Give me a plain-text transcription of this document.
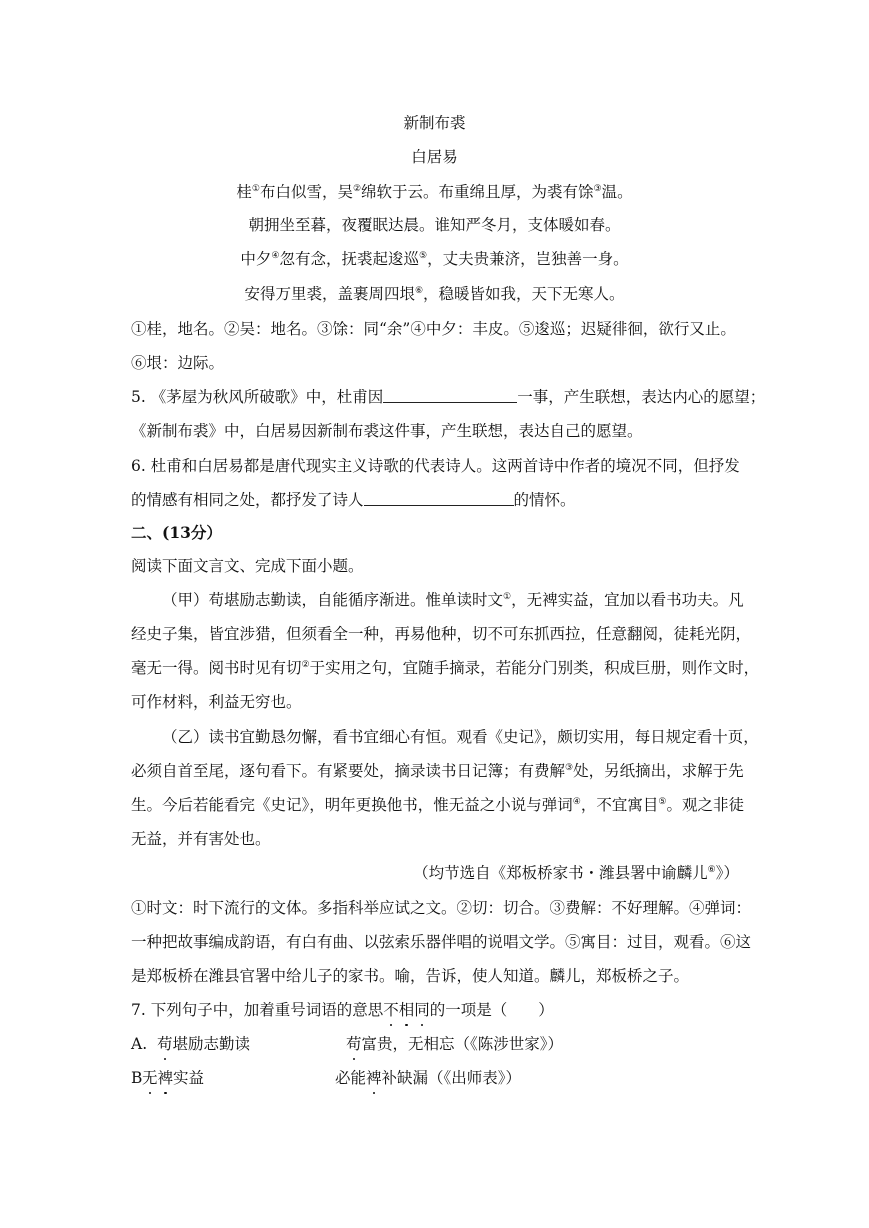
新制布裘
白居易
桂①布白似雪，吴②绵软于云。布重绵且厚，为裘有馀③温。
朝拥坐至暮，夜覆眠达晨。谁知严冬月，支体暖如春。
中夕④忽有念，抚裘起逡巡⑤，丈夫贵兼济，岂独善一身。
安得万里裘，盖裹周四垠⑥，稳暖皆如我，天下无寒人。
①桂，地名。②吴：地名。③馀：同“余”④中夕：丰皮。⑤逡巡；迟疑徘徊，欲行又止。
⑥垠：边际。
5. 《茅屋为秋风所破歌》中，杜甫因	一事，产生联想，表达内心的愿望；
《新制布裘》中，白居易因新制布裘这件事，产生联想，表达自己的愿望。
6. 杜甫和白居易都是唐代现实主义诗歌的代表诗人。这两首诗中作者的境况不同，但抒发
的情感有相同之处，都抒发了诗人	的情怀。
二、(13分）
阅读下面文言文、完成下面小题。
（甲）苟堪励志勤读，自能循序渐进。惟单读时文①，无裨实益，宜加以看书功夫。凡
经史子集，皆宜涉猎，但须看全一种，再易他种，切不可东抓西拉，任意翻阅，徒耗光阴，
毫无一得。阅书时见有切②于实用之句，宜随手摘录，若能分门别类，积成巨册，则作文时，
可作材料，利益无穷也。
（乙）读书宜勤恳勿懈，看书宜细心有恒。观看《史记》，颇切实用，每日规定看十页，
必须自首至尾，逐句看下。有紧要处，摘录读书日记簿；有费解③处，另纸摘出，求解于先
生。今后若能看完《史记》，明年更换他书，惟无益之小说与弹词④，不宜寓目⑤。观之非徒
无益，并有害处也。
（均节选自《郑板桥家书・潍县署中谕麟儿⑥》）
①时文：时下流行的文体。多指科举应试之文。②切：切合。③费解：不好理解。④弹词：
一种把故事编成韵语，有白有曲、以弦索乐器伴唱的说唱文学。⑤寓目：过目，观看。⑥这
是郑板桥在潍县官署中给儿子的家书。喻，告诉，使人知道。麟儿，郑板桥之子。
7. 下列句子中，加着重号词语的意思不相同的一项是（　　）
A. 苟堪励志勤读	苟富贵，无相忘（《陈涉世家》）
B 无裨实益	必能裨补缺漏（《出师表》）
